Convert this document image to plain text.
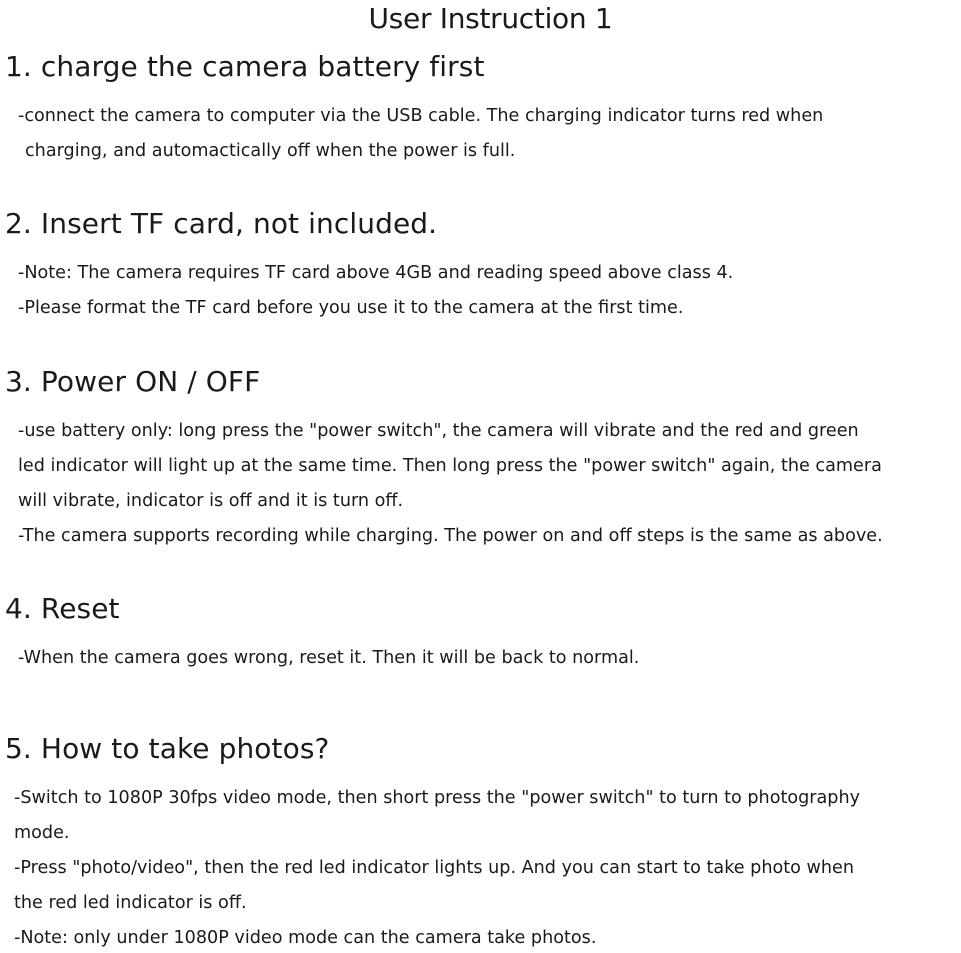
User Instruction 1
1. charge the camera battery first
-connect the camera to computer via the USB cable. The charging indicator turns red when
charging, and automactically off when the power is full.
2. Insert TF card, not included.
-Note: The camera requires TF card above 4GB and reading speed above class 4.
-Please format the TF card before you use it to the camera at the first time.
3. Power ON / OFF
-use battery only: long press the "power switch", the camera will vibrate and the red and green
led indicator will light up at the same time. Then long press the "power switch" again, the camera
will vibrate, indicator is off and it is turn off.
-The camera supports recording while charging. The power on and off steps is the same as above.
4. Reset
-When the camera goes wrong, reset it. Then it will be back to normal.
5. How to take photos?
-Switch to 1080P 30fps video mode, then short press the "power switch" to turn to photography
mode.
-Press "photo/video", then the red led indicator lights up. And you can start to take photo when
the red led indicator is off.
-Note: only under 1080P video mode can the camera take photos.
